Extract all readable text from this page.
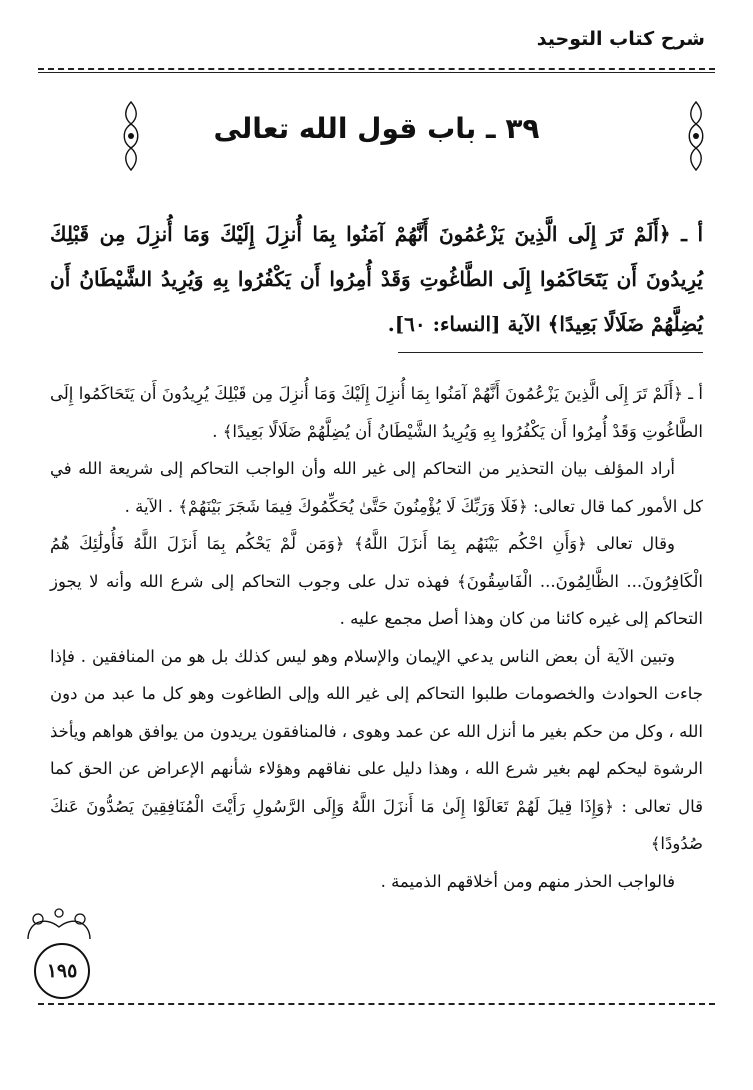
شرح كتاب التوحيد
٣٩ ـ باب قول الله تعالى
أ ـ ﴿أَلَمْ تَرَ إِلَى الَّذِينَ يَزْعُمُونَ أَنَّهُمْ آمَنُوا بِمَا أُنزِلَ إِلَيْكَ وَمَا أُنزِلَ مِن قَبْلِكَ يُرِيدُونَ أَن يَتَحَاكَمُوا إِلَى الطَّاغُوتِ وَقَدْ أُمِرُوا أَن يَكْفُرُوا بِهِ وَيُرِيدُ الشَّيْطَانُ أَن يُضِلَّهُمْ ضَلَالًا بَعِيدًا﴾ الآية [النساء: ٦٠].

أ ـ ﴿أَلَمْ تَرَ إِلَى الَّذِينَ يَزْعُمُونَ أَنَّهُمْ آمَنُوا بِمَا أُنزِلَ إِلَيْكَ وَمَا أُنزِلَ مِن قَبْلِكَ يُرِيدُونَ أَن يَتَحَاكَمُوا إِلَى الطَّاغُوتِ وَقَدْ أُمِرُوا أَن يَكْفُرُوا بِهِ وَيُرِيدُ الشَّيْطَانُ أَن يُضِلَّهُمْ ضَلَالًا بَعِيدًا﴾ .

أراد المؤلف بيان التحذير من التحاكم إلى غير الله وأن الواجب التحاكم إلى شريعة الله في كل الأمور كما قال تعالى: ﴿فَلَا وَرَبِّكَ لَا يُؤْمِنُونَ حَتَّىٰ يُحَكِّمُوكَ فِيمَا شَجَرَ بَيْنَهُمْ﴾ . الآية .

وقال تعالى ﴿وَأَنِ احْكُم بَيْنَهُم بِمَا أَنزَلَ اللَّهُ﴾ ﴿وَمَن لَّمْ يَحْكُم بِمَا أَنزَلَ اللَّهُ فَأُولَٰئِكَ هُمُ الْكَافِرُونَ... الظَّالِمُونَ... الْفَاسِقُونَ﴾ فهذه تدل على وجوب التحاكم إلى شرع الله وأنه لا يجوز التحاكم إلى غيره كائنا من كان وهذا أصل مجمع عليه .

وتبين الآية أن بعض الناس يدعي الإيمان والإسلام وهو ليس كذلك بل هو من المنافقين . فإذا جاءت الحوادث والخصومات طلبوا التحاكم إلى غير الله وإلى الطاغوت وهو كل ما عبد من دون الله ، وكل من حكم بغير ما أنزل الله عن عمد وهوى ، فالمنافقون يريدون من يوافق هواهم ويأخذ الرشوة ليحكم لهم بغير شرع الله ، وهذا دليل على نفاقهم وهؤلاء شأنهم الإعراض عن الحق كما قال تعالى : ﴿وَإِذَا قِيلَ لَهُمْ تَعَالَوْا إِلَىٰ مَا أَنزَلَ اللَّهُ وَإِلَى الرَّسُولِ رَأَيْتَ الْمُنَافِقِينَ يَصُدُّونَ عَنكَ صُدُودًا﴾

فالواجب الحذر منهم ومن أخلاقهم الذميمة .

١٩٥
